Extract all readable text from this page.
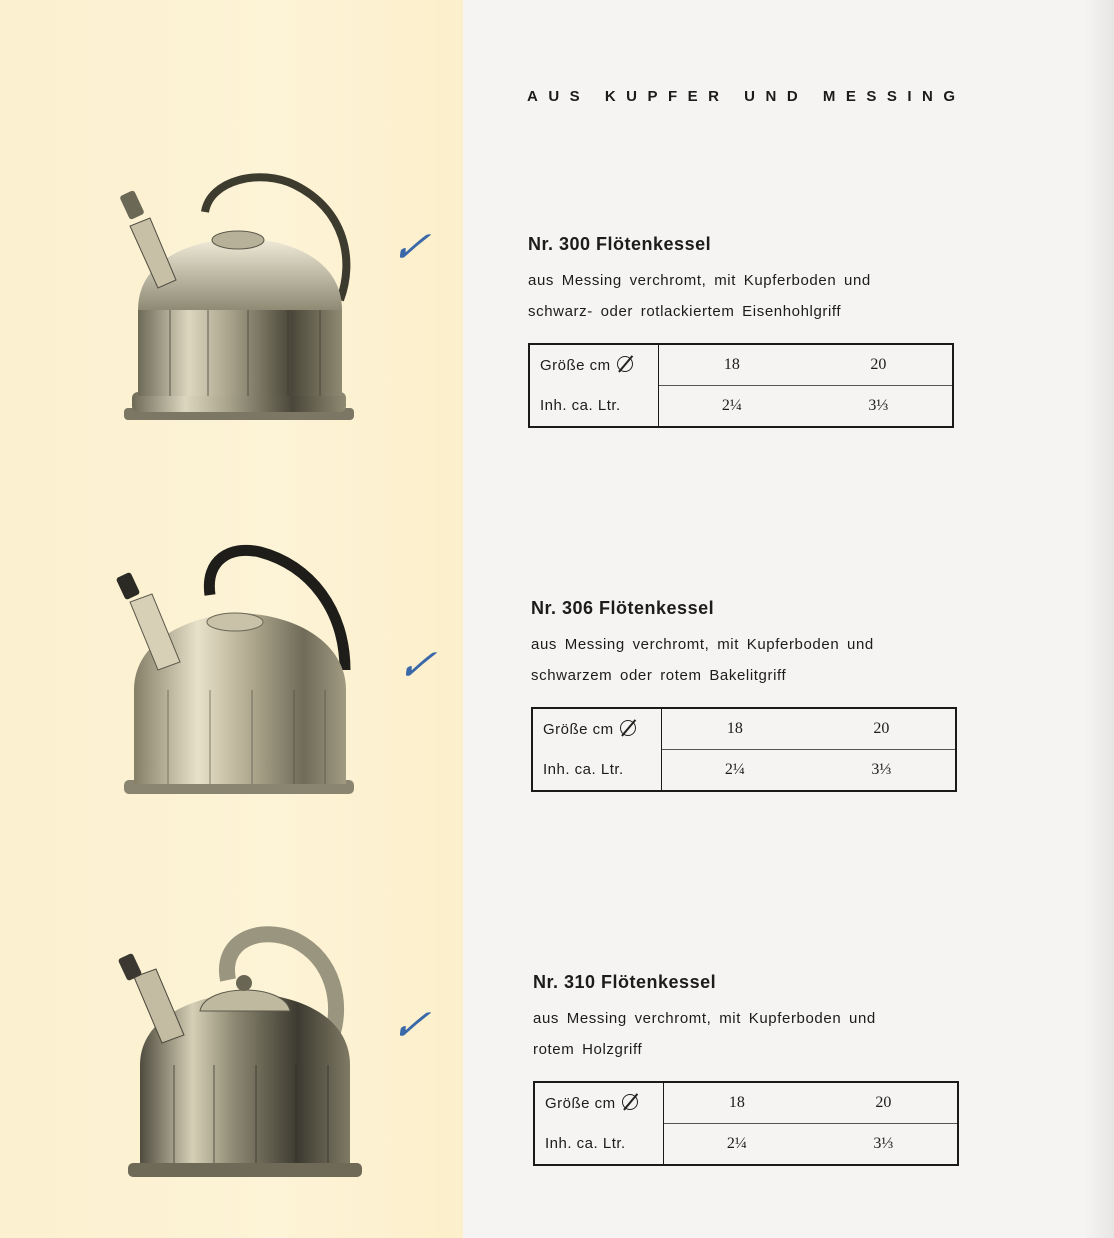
AUS KUPFER UND MESSING
✓
✓
✓
Nr. 300 Flötenkessel
aus Messing verchromt, mit Kupferboden und
schwarz- oder rotlackiertem Eisenhohlgriff
Größe cm	18	20
Inh. ca. Ltr.	2¼	3⅓
Nr. 306 Flötenkessel
aus Messing verchromt, mit Kupferboden und
schwarzem oder rotem Bakelitgriff
Größe cm	18	20
Inh. ca. Ltr.	2¼	3⅓
Nr. 310 Flötenkessel
aus Messing verchromt, mit Kupferboden und
rotem Holzgriff
Größe cm	18	20
Inh. ca. Ltr.	2¼	3⅓
